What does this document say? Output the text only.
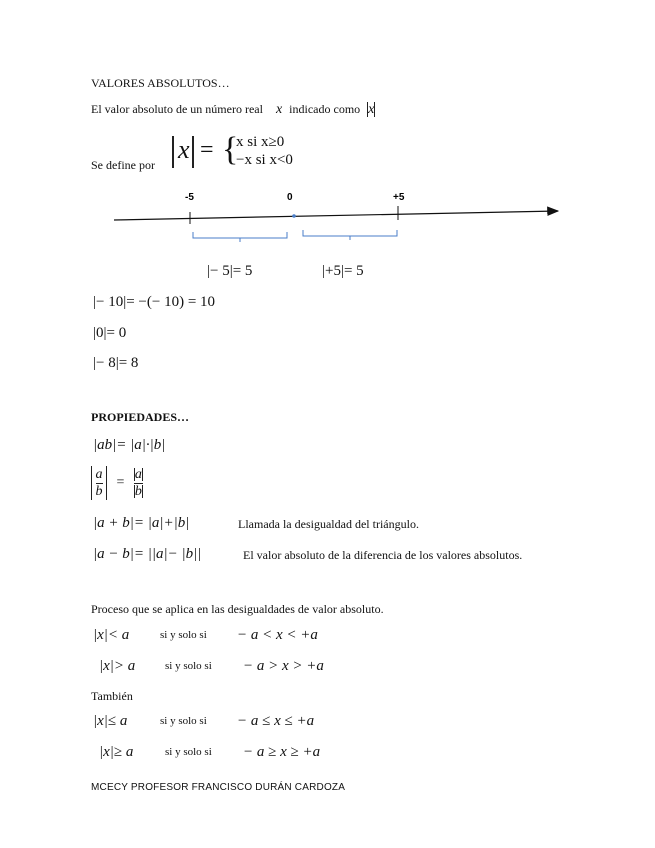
VALORES ABSOLUTOS…
El valor absoluto de un número real x indicado como x
Se define por
x = {
x si x≥0
−x si x<0
-5	0	+5
|− 5|= 5	|+5|= 5
|− 10|= −(− 10) = 10
|0|= 0
|− 8|= 8
PROPIEDADES…
|ab|= |a|·|b|

$\frac{a}{b} = \frac{a}{b}$
|a + b|= |a|+|b|	Llamada la desigualdad del triángulo.
|a − b|= ||a|− |b||	El valor absoluto de la diferencia de los valores absolutos.
Proceso que se aplica en las desigualdades de valor absoluto.
|x|< a	si y solo si − a < x < +a
|x|> a	si y solo si − a > x > +a
También
|x|≤ a	si y solo si − a ≤ x ≤ +a
|x|≥ a	si y solo si − a ≥ x ≥ +a
MCECY PROFESOR FRANCISCO DURÁN CARDOZA
